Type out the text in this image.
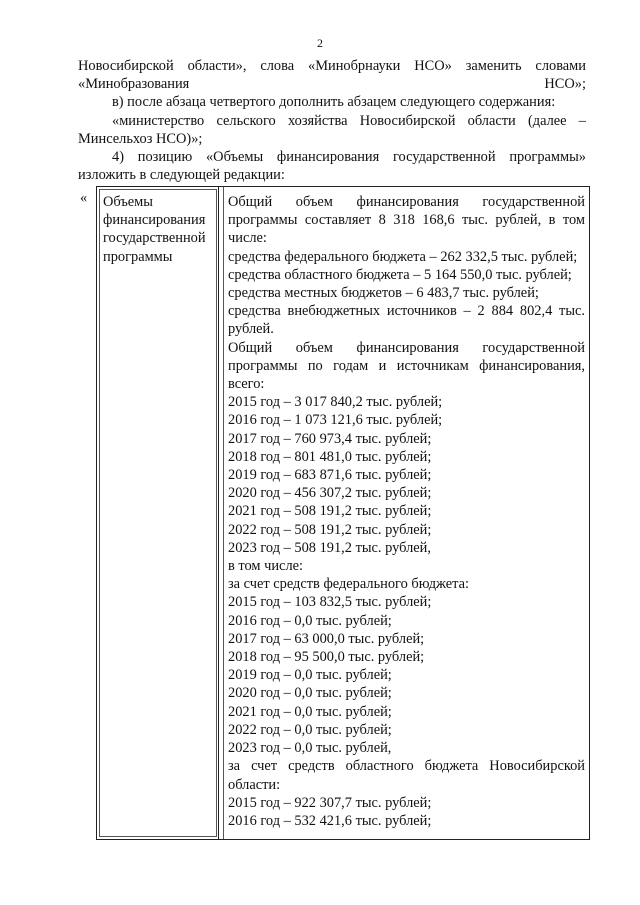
2

Новосибирской области», слова «Минобрнауки НСО» заменить словами «Минобразования НСО»;

в) после абзаца четвертого дополнить абзацем следующего содержания:

«министерство сельского хозяйства Новосибирской области (далее – Минсельхоз НСО)»;

4) позицию «Объемы финансирования государственной программы» изложить в следующей редакции:

« Объемы финансирования государственной программы

Общий объем финансирования государственной программы составляет 8 318 168,6 тыс. рублей, в том числе:

средства федерального бюджета – 262 332,5 тыс. рублей;

средства областного бюджета – 5 164 550,0 тыс. рублей;

средства местных бюджетов – 6 483,7 тыс. рублей;

средства внебюджетных источников – 2 884 802,4 тыс. рублей.

Общий объем финансирования государственной программы по годам и источникам финансирования, всего:

2015 год – 3 017 840,2 тыс. рублей;

2016 год – 1 073 121,6 тыс. рублей;

2017 год – 760 973,4 тыс. рублей;

2018 год – 801 481,0 тыс. рублей;

2019 год – 683 871,6 тыс. рублей;

2020 год – 456 307,2 тыс. рублей;

2021 год – 508 191,2 тыс. рублей;

2022 год – 508 191,2 тыс. рублей;

2023 год – 508 191,2 тыс. рублей,

в том числе:

за счет средств федерального бюджета:

2015 год – 103 832,5 тыс. рублей;

2016 год – 0,0 тыс. рублей;

2017 год – 63 000,0 тыс. рублей;

2018 год – 95 500,0 тыс. рублей;

2019 год – 0,0 тыс. рублей;

2020 год – 0,0 тыс. рублей;

2021 год – 0,0 тыс. рублей;

2022 год – 0,0 тыс. рублей;

2023 год – 0,0 тыс. рублей,

за счет средств областного бюджета Новосибирской области:

2015 год – 922 307,7 тыс. рублей;

2016 год – 532 421,6 тыс. рублей;
